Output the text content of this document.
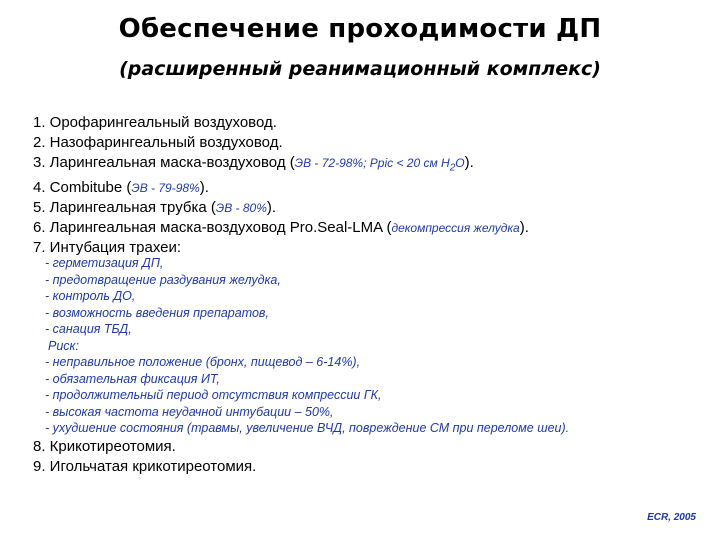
Обеспечение проходимости ДП
(расширенный реанимационный комплекс)
1. Орофарингеальный воздуховод.
2. Назофарингеальный воздуховод.
3. Ларингеальная маска-воздуховод (ЭВ - 72-98%; Ppic < 20 см $H_2O$).
4. Combitube (ЭВ - 79-98%).
5. Ларингеальная трубка (ЭВ - 80%).
6. Ларингеальная маска-воздуховод Pro.Seal-LMA (декомпрессия желудка).
7. Интубация трахеи:
- герметизация ДП,
- предотвращение раздувания желудка,
- контроль ДО,
- возможность введения препаратов,
- санация ТБД,
Риск:
- неправильное положение (бронх, пищевод – 6-14%),
- обязательная фиксация ИТ,
- продолжительный период отсутствия компрессии ГК,
- высокая частота неудачной интубации – 50%,
- ухудшение состояния (травмы, увеличение ВЧД, повреждение СМ при переломе шеи).
8. Крикотиреотомия.
9. Игольчатая крикотиреотомия.
ECR, 2005
